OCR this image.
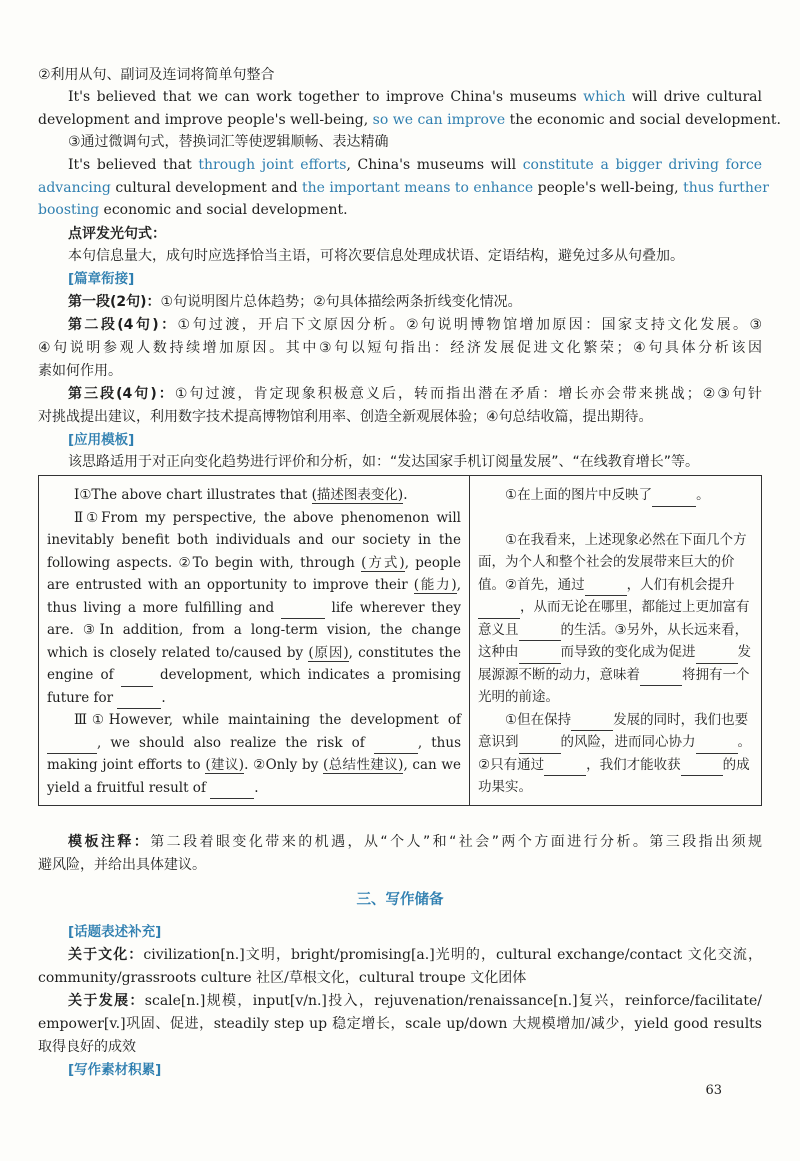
②利用从句、副词及连词将简单句整合
It's believed that we can work together to improve China's museums which will drive cultural
development and improve people's well-being, so we can improve the economic and social development.
③通过微调句式，替换词汇等使逻辑顺畅、表达精确
It's believed that through joint efforts, China's museums will constitute a bigger driving force
advancing cultural development and the important means to enhance people's well-being, thus further
boosting economic and social development.
点评发光句式：
本句信息量大，成句时应选择恰当主语，可将次要信息处理成状语、定语结构，避免过多从句叠加。
[篇章衔接]
第一段(2句)：①句说明图片总体趋势；②句具体描绘两条折线变化情况。
第二段(4句)：①句过渡，开启下文原因分析。②句说明博物馆增加原因：国家支持文化发展。③
④句说明参观人数持续增加原因。其中③句以短句指出：经济发展促进文化繁荣；④句具体分析该因
素如何作用。
第三段(4句)：①句过渡，肯定现象积极意义后，转而指出潜在矛盾：增长亦会带来挑战；②③句针
对挑战提出建议，利用数字技术提高博物馆利用率、创造全新观展体验；④句总结收篇，提出期待。
[应用模板]
该思路适用于对正向变化趋势进行评价和分析，如：“发达国家手机订阅量发展”、“在线教育增长”等。
Ⅰ①The above chart illustrates that (描述图表变化).
Ⅱ①From my perspective, the above phenomenon will inevitably benefit both individuals and our society in the following aspects. ②To begin with, through (方式), people are entrusted with an opportunity to improve their (能力), thus living a more fulfilling and	life wherever they are. ③In addition, from a long-term vision, the change which is closely related to/caused by (原因), constitutes the engine of  development, which indicates a promising future for	.
Ⅲ①However, while maintaining the development of , we should also realize the risk of	, thus making joint efforts to (建议). ②Only by (总结性建议), can we yield a fruitful result of	.

①在上面的图片中反映了	。
①在我看来，上述现象必然在下面几个方面，为个人和整个社会的发展带来巨大的价值。②首先，通过	，人们有机会提升，从而无论在哪里，都能过上更加富有意义且	的生活。③另外，从长远来看，这种由	而导致的变化成为促进	发展源源不断的动力，意味着	将拥有一个光明的前途。
①但在保持	发展的同时，我们也要意识到	的风险，进而同心协力	。②只有通过	，我们才能收获	的成功果实。
模板注释：第二段着眼变化带来的机遇，从“个人”和“社会”两个方面进行分析。第三段指出须规
避风险，并给出具体建议。
三、写作储备
[话题表述补充]
关于文化：civilization[n.]文明，bright/promising[a.]光明的，cultural exchange/contact 文化交流，
community/grassroots culture 社区/草根文化，cultural troupe 文化团体
关于发展：scale[n.]规模，input[v/n.]投入，rejuvenation/renaissance[n.]复兴，reinforce/facilitate/
empower[v.]巩固、促进，steadily step up 稳定增长，scale up/down 大规模增加/减少，yield good results
取得良好的成效
[写作素材积累]
63
